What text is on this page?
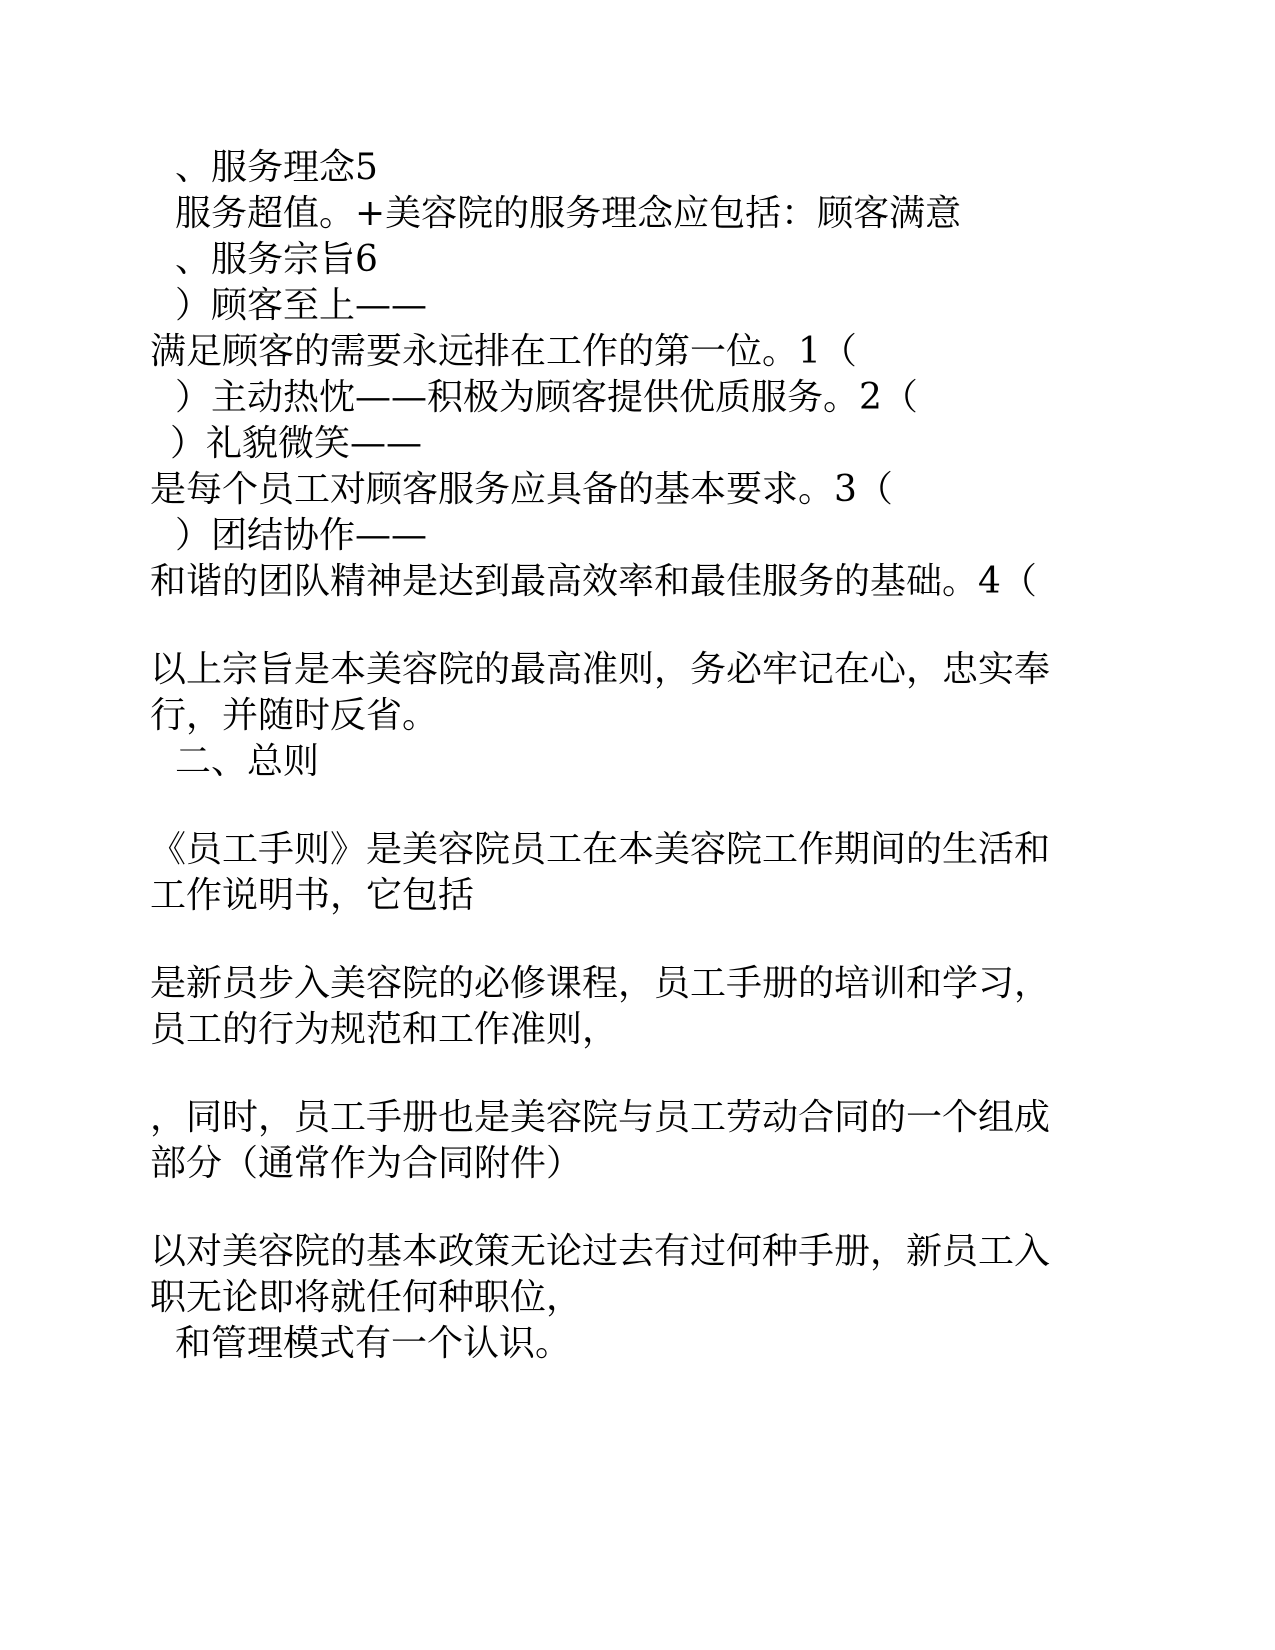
、服务理念5
服务超值。+美容院的服务理念应包括：顾客满意
、服务宗旨6
）顾客至上——
满足顾客的需要永远排在工作的第一位。1（
）主动热忱——积极为顾客提供优质服务。2（
）礼貌微笑——
是每个员工对顾客服务应具备的基本要求。3（
）团结协作——
和谐的团队精神是达到最高效率和最佳服务的基础。4（
以上宗旨是本美容院的最高准则，务必牢记在心，忠实奉
行，并随时反省。
二、总则
《员工手则》是美容院员工在本美容院工作期间的生活和
工作说明书，它包括
是新员步入美容院的必修课程，员工手册的培训和学习，
员工的行为规范和工作准则，
，同时，员工手册也是美容院与员工劳动合同的一个组成
部分（通常作为合同附件）
以对美容院的基本政策无论过去有过何种手册，新员工入
职无论即将就任何种职位，
和管理模式有一个认识。
